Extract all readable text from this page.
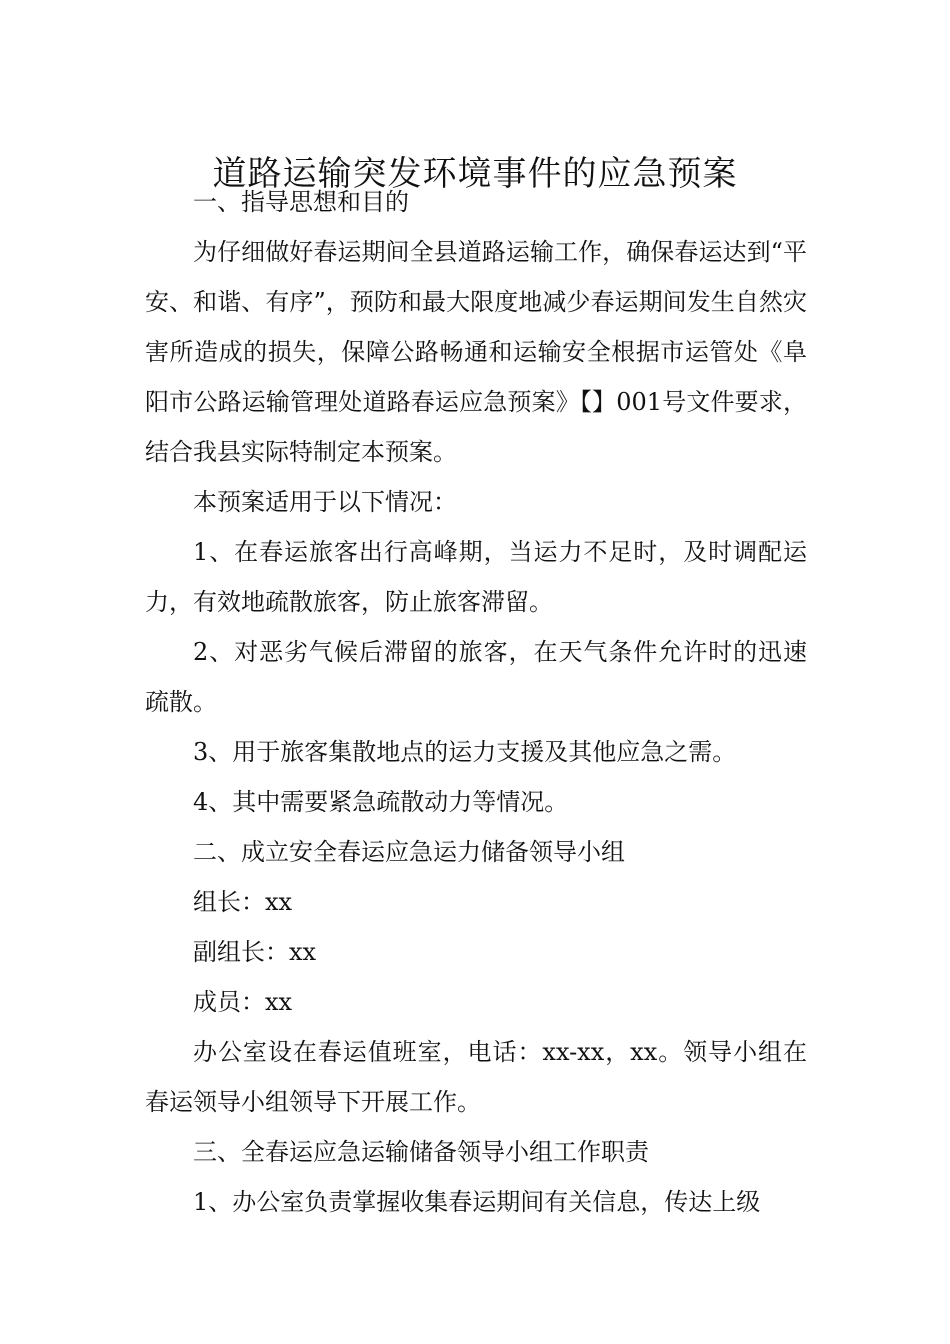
道路运输突发环境事件的应急预案

一、指导思想和目的

为仔细做好春运期间全县道路运输工作，确保春运达到“平安、和谐、有序”，预防和最大限度地减少春运期间发生自然灾害所造成的损失，保障公路畅通和运输安全根据市运管处《阜阳市公路运输管理处道路春运应急预案》【】001号文件要求，结合我县实际特制定本预案。

本预案适用于以下情况：

1、在春运旅客出行高峰期，当运力不足时，及时调配运力，有效地疏散旅客，防止旅客滞留。

2、对恶劣气候后滞留的旅客，在天气条件允许时的迅速疏散。

3、用于旅客集散地点的运力支援及其他应急之需。

4、其中需要紧急疏散动力等情况。

二、成立安全春运应急运力储备领导小组

组长：xx

副组长：xx

成员：xx

办公室设在春运值班室，电话：xx-xx，xx。领导小组在春运领导小组领导下开展工作。

三、全春运应急运输储备领导小组工作职责

1、办公室负责掌握收集春运期间有关信息，传达上级
